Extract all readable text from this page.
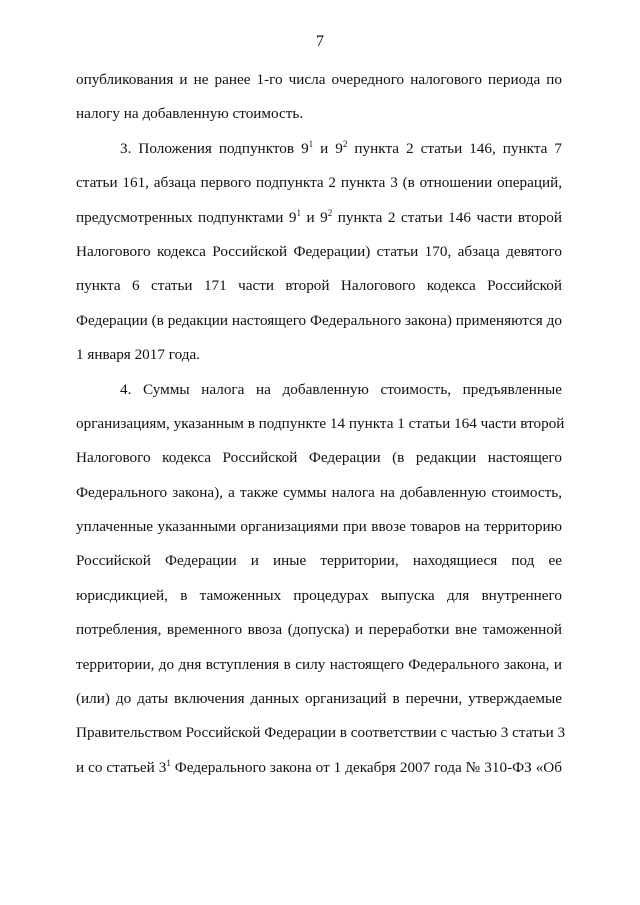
7
опубликования и не ранее 1-го числа очередного налогового периода по
налогу на добавленную стоимость.
3. Положения подпунктов $9^1$ и $9^2$ пункта 2 статьи 146, пункта 7
статьи 161, абзаца первого подпункта 2 пункта 3 (в отношении операций,
предусмотренных подпунктами $9^1$ и $9^2$ пункта 2 статьи 146 части второй
Налогового кодекса Российской Федерации) статьи 170, абзаца девятого
пункта 6 статьи 171 части второй Налогового кодекса Российской
Федерации (в редакции настоящего Федерального закона) применяются до
1 января 2017 года.
4. Суммы налога на добавленную стоимость, предъявленные
организациям, указанным в подпункте 14 пункта 1 статьи 164 части второй
Налогового кодекса Российской Федерации (в редакции настоящего
Федерального закона), а также суммы налога на добавленную стоимость,
уплаченные указанными организациями при ввозе товаров на территорию
Российской Федерации и иные территории, находящиеся под ее
юрисдикцией, в таможенных процедурах выпуска для внутреннего
потребления, временного ввоза (допуска) и переработки вне таможенной
территории, до дня вступления в силу настоящего Федерального закона, и
(или) до даты включения данных организаций в перечни, утверждаемые
Правительством Российской Федерации в соответствии с частью 3 статьи 3
и со статьей $3^1$ Федерального закона от 1 декабря 2007 года № 310-ФЗ «Об
